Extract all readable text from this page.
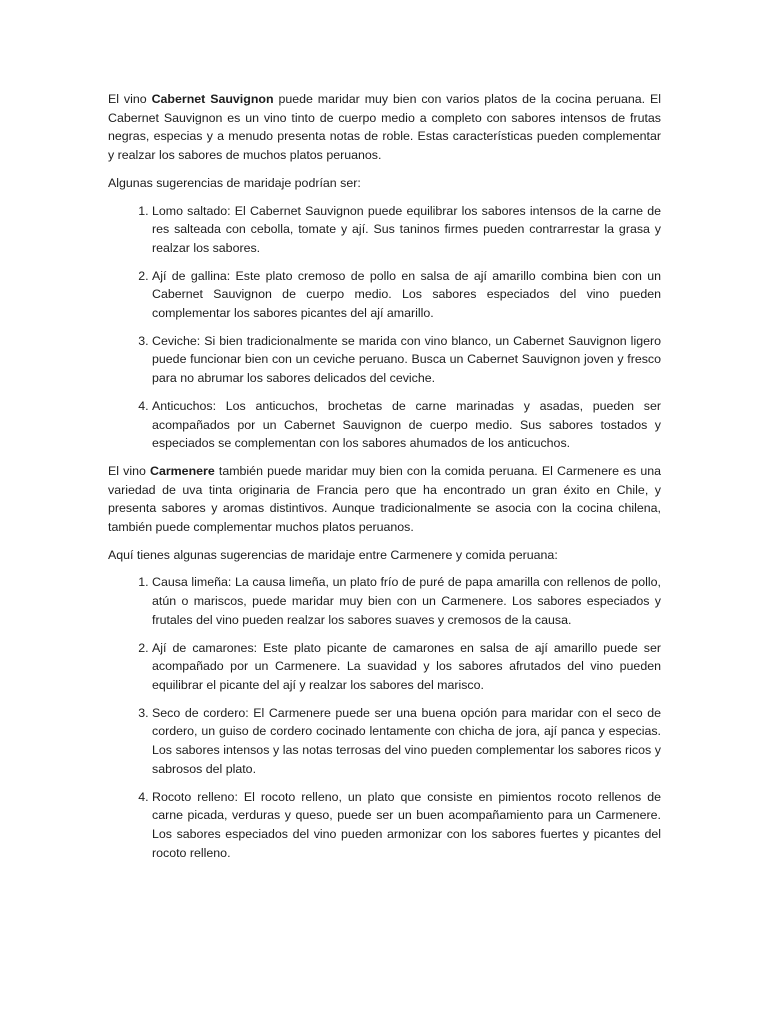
El vino Cabernet Sauvignon puede maridar muy bien con varios platos de la cocina peruana. El Cabernet Sauvignon es un vino tinto de cuerpo medio a completo con sabores intensos de frutas negras, especias y a menudo presenta notas de roble. Estas características pueden complementar y realzar los sabores de muchos platos peruanos.

Algunas sugerencias de maridaje podrían ser:

1. Lomo saltado: El Cabernet Sauvignon puede equilibrar los sabores intensos de la carne de res salteada con cebolla, tomate y ají. Sus taninos firmes pueden contrarrestar la grasa y realzar los sabores.
2. Ají de gallina: Este plato cremoso de pollo en salsa de ají amarillo combina bien con un Cabernet Sauvignon de cuerpo medio. Los sabores especiados del vino pueden complementar los sabores picantes del ají amarillo.
3. Ceviche: Si bien tradicionalmente se marida con vino blanco, un Cabernet Sauvignon ligero puede funcionar bien con un ceviche peruano. Busca un Cabernet Sauvignon joven y fresco para no abrumar los sabores delicados del ceviche.
4. Anticuchos: Los anticuchos, brochetas de carne marinadas y asadas, pueden ser acompañados por un Cabernet Sauvignon de cuerpo medio. Sus sabores tostados y especiados se complementan con los sabores ahumados de los anticuchos.

El vino Carmenere también puede maridar muy bien con la comida peruana. El Carmenere es una variedad de uva tinta originaria de Francia pero que ha encontrado un gran éxito en Chile, y presenta sabores y aromas distintivos. Aunque tradicionalmente se asocia con la cocina chilena, también puede complementar muchos platos peruanos.

Aquí tienes algunas sugerencias de maridaje entre Carmenere y comida peruana:

1. Causa limeña: La causa limeña, un plato frío de puré de papa amarilla con rellenos de pollo, atún o mariscos, puede maridar muy bien con un Carmenere. Los sabores especiados y frutales del vino pueden realzar los sabores suaves y cremosos de la causa.
2. Ají de camarones: Este plato picante de camarones en salsa de ají amarillo puede ser acompañado por un Carmenere. La suavidad y los sabores afrutados del vino pueden equilibrar el picante del ají y realzar los sabores del marisco.
3. Seco de cordero: El Carmenere puede ser una buena opción para maridar con el seco de cordero, un guiso de cordero cocinado lentamente con chicha de jora, ají panca y especias. Los sabores intensos y las notas terrosas del vino pueden complementar los sabores ricos y sabrosos del plato.
4. Rocoto relleno: El rocoto relleno, un plato que consiste en pimientos rocoto rellenos de carne picada, verduras y queso, puede ser un buen acompañamiento para un Carmenere. Los sabores especiados del vino pueden armonizar con los sabores fuertes y picantes del rocoto relleno.
